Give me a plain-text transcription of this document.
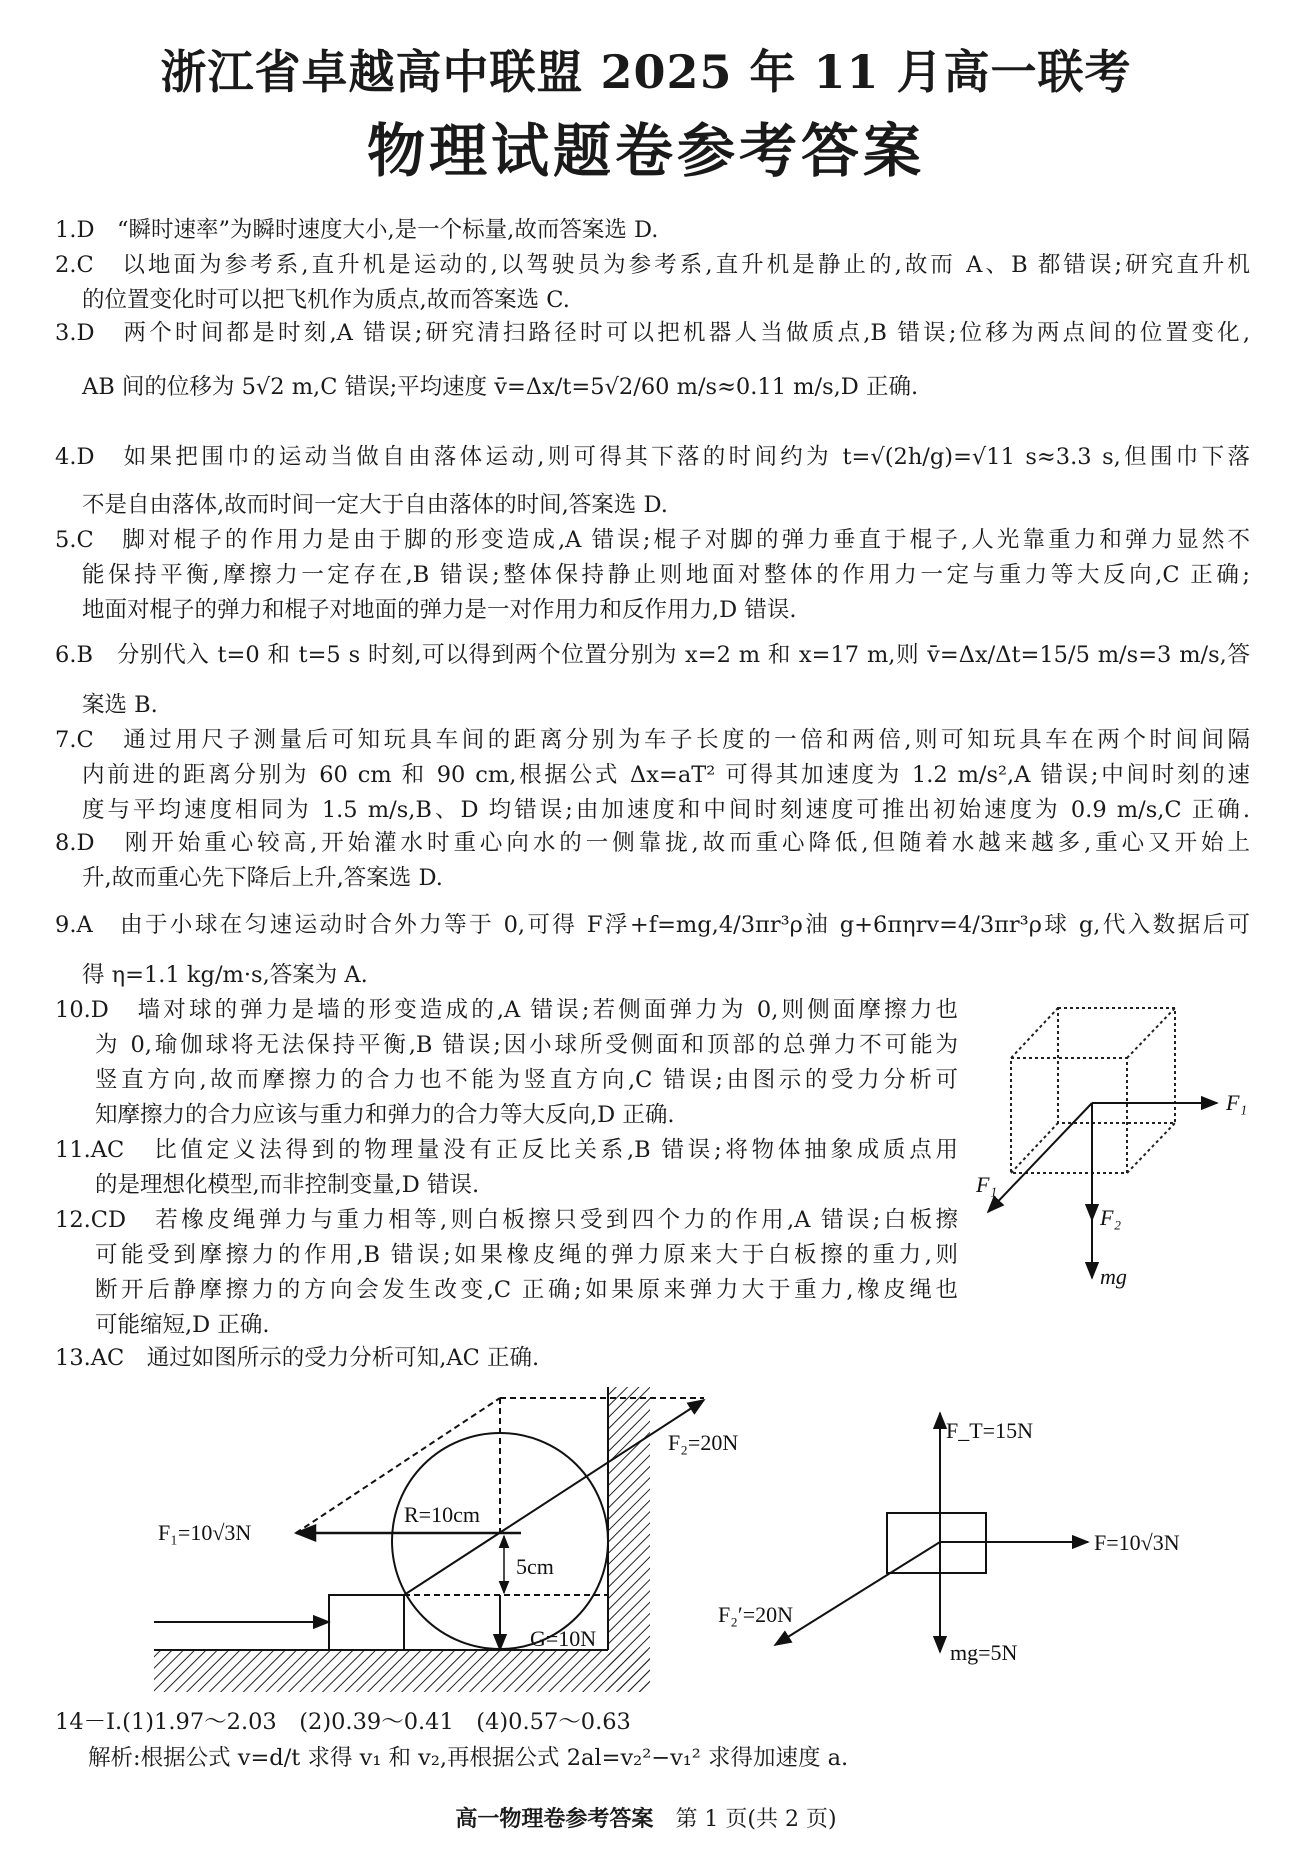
浙江省卓越高中联盟 2025 年 11 月高一联考
物理试题卷参考答案
1.D　“瞬时速率”为瞬时速度大小,是一个标量,故而答案选 D.
2.C　以地面为参考系,直升机是运动的,以驾驶员为参考系,直升机是静止的,故而 A、B 都错误;研究直升机
的位置变化时可以把飞机作为质点,故而答案选 C.
3.D　两个时间都是时刻,A 错误;研究清扫路径时可以把机器人当做质点,B 错误;位移为两点间的位置变化,
AB 间的位移为 5√2 m,C 错误;平均速度 v̄=Δx/t=5√2/60 m/s≈0.11 m/s,D 正确.
4.D　如果把围巾的运动当做自由落体运动,则可得其下落的时间约为 t=√(2h/g)=√11 s≈3.3 s,但围巾下落
不是自由落体,故而时间一定大于自由落体的时间,答案选 D.
5.C　脚对棍子的作用力是由于脚的形变造成,A 错误;棍子对脚的弹力垂直于棍子,人光靠重力和弹力显然不
能保持平衡,摩擦力一定存在,B 错误;整体保持静止则地面对整体的作用力一定与重力等大反向,C 正确;
地面对棍子的弹力和棍子对地面的弹力是一对作用力和反作用力,D 错误.
6.B　分别代入 t=0 和 t=5 s 时刻,可以得到两个位置分别为 x=2 m 和 x=17 m,则 v̄=Δx/Δt=15/5 m/s=3 m/s,答
案选 B.
7.C　通过用尺子测量后可知玩具车间的距离分别为车子长度的一倍和两倍,则可知玩具车在两个时间间隔
内前进的距离分别为 60 cm 和 90 cm,根据公式 Δx=aT² 可得其加速度为 1.2 m/s²,A 错误;中间时刻的速
度与平均速度相同为 1.5 m/s,B、D 均错误;由加速度和中间时刻速度可推出初始速度为 0.9 m/s,C 正确.
8.D　刚开始重心较高,开始灌水时重心向水的一侧靠拢,故而重心降低,但随着水越来越多,重心又开始上
升,故而重心先下降后上升,答案选 D.
9.A　由于小球在匀速运动时合外力等于 0,可得 F浮+f=mg,4/3πr³ρ油 g+6πηrv=4/3πr³ρ球 g,代入数据后可
得 η=1.1 kg/m·s,答案为 A.
10.D　墙对球的弹力是墙的形变造成的,A 错误;若侧面弹力为 0,则侧面摩擦力也
为 0,瑜伽球将无法保持平衡,B 错误;因小球所受侧面和顶部的总弹力不可能为
竖直方向,故而摩擦力的合力也不能为竖直方向,C 错误;由图示的受力分析可
知摩擦力的合力应该与重力和弹力的合力等大反向,D 正确.
11.AC　比值定义法得到的物理量没有正反比关系,B 错误;将物体抽象成质点用
的是理想化模型,而非控制变量,D 错误.
12.CD　若橡皮绳弹力与重力相等,则白板擦只受到四个力的作用,A 错误;白板擦
可能受到摩擦力的作用,B 错误;如果橡皮绳的弹力原来大于白板擦的重力,则
断开后静摩擦力的方向会发生改变,C 正确;如果原来弹力大于重力,橡皮绳也
可能缩短,D 正确.
13.AC　通过如图所示的受力分析可知,AC 正确.
14－Ⅰ.(1)1.97～2.03　(2)0.39～0.41　(4)0.57～0.63
解析:根据公式 v=d/t 求得 v₁ 和 v₂,再根据公式 2al=v₂²−v₁² 求得加速度 a.
F₁
F₁
F₂
mg
F₁=10√3N
F₂=20N
R=10cm
5cm
G=10N
F_T=15N
F=10√3N
F₂′=20N
mg=5N
高一物理卷参考答案　 第 1 页(共 2 页)
